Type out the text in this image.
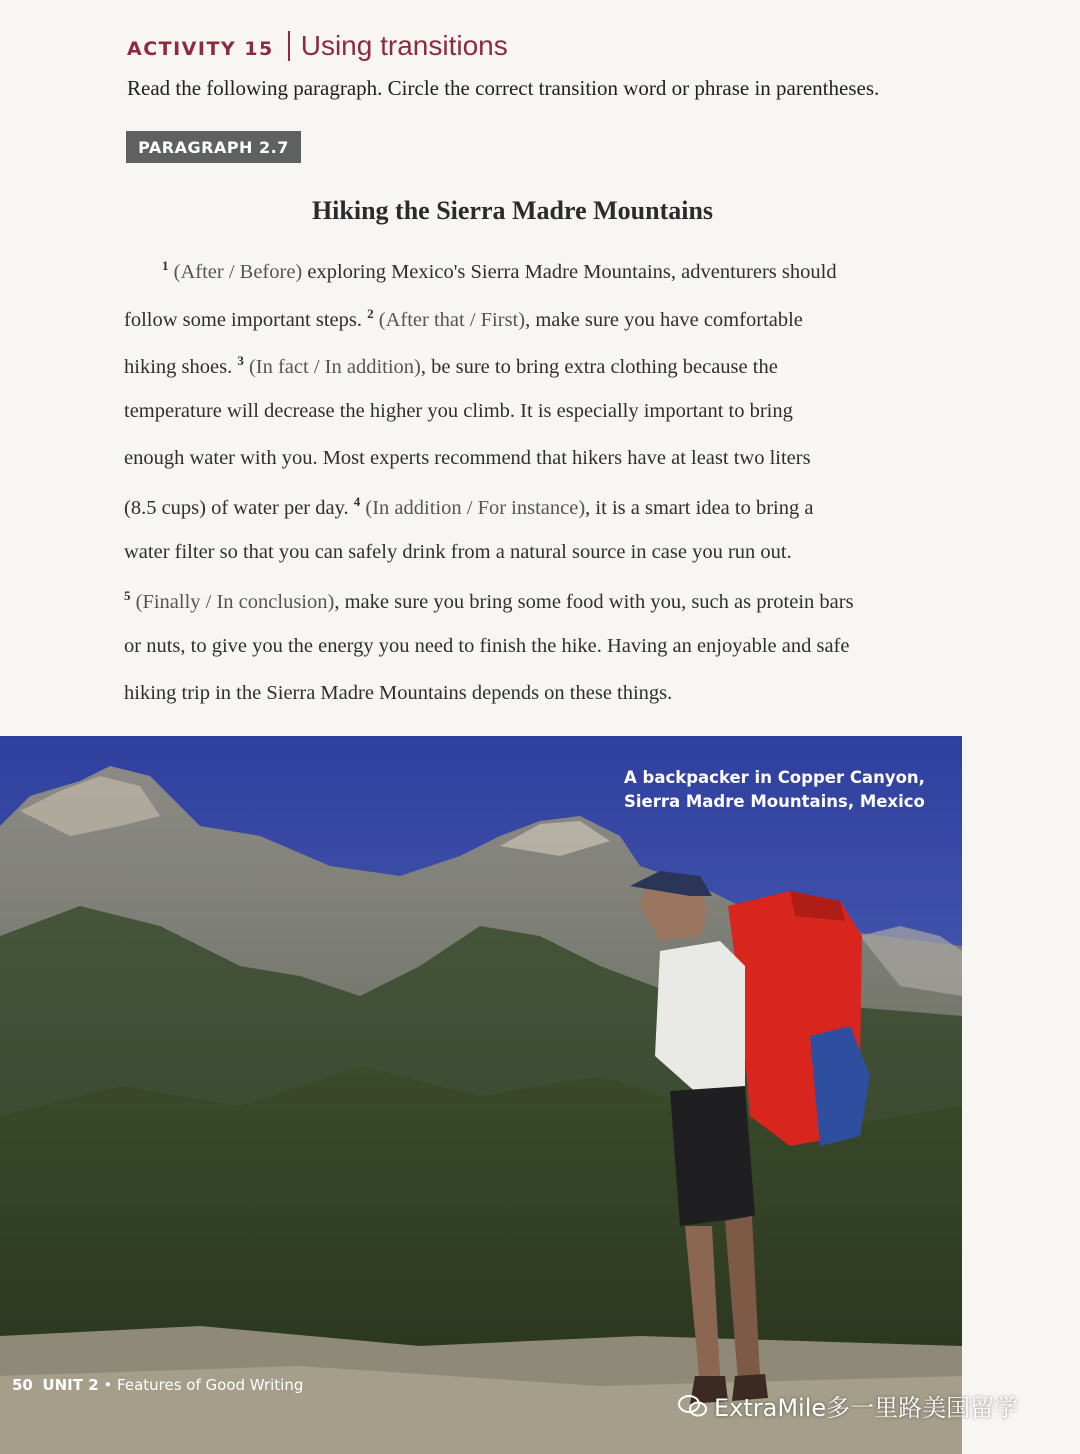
ACTIVITY 15 Using transitions
Read the following paragraph. Circle the correct transition word or phrase in parentheses.
PARAGRAPH 2.7
Hiking the Sierra Madre Mountains
$^1$ (After / Before) exploring Mexico's Sierra Madre Mountains, adventurers should
follow some important steps. $^2$ (After that / First), make sure you have comfortable
hiking shoes. $^3$ (In fact / In addition), be sure to bring extra clothing because the
temperature will decrease the higher you climb. It is especially important to bring
enough water with you. Most experts recommend that hikers have at least two liters
(8.5 cups) of water per day. $^4$ (In addition / For instance), it is a smart idea to bring a
water filter so that you can safely drink from a natural source in case you run out.
$^5$ (Finally / In conclusion), make sure you bring some food with you, such as protein bars
or nuts, to give you the energy you need to finish the hike. Having an enjoyable and safe
hiking trip in the Sierra Madre Mountains depends on these things.
A backpacker in Copper Canyon,
Sierra Madre Mountains, Mexico
50 UNIT 2 • Features of Good Writing
ExtraMile多一里路美国留学
